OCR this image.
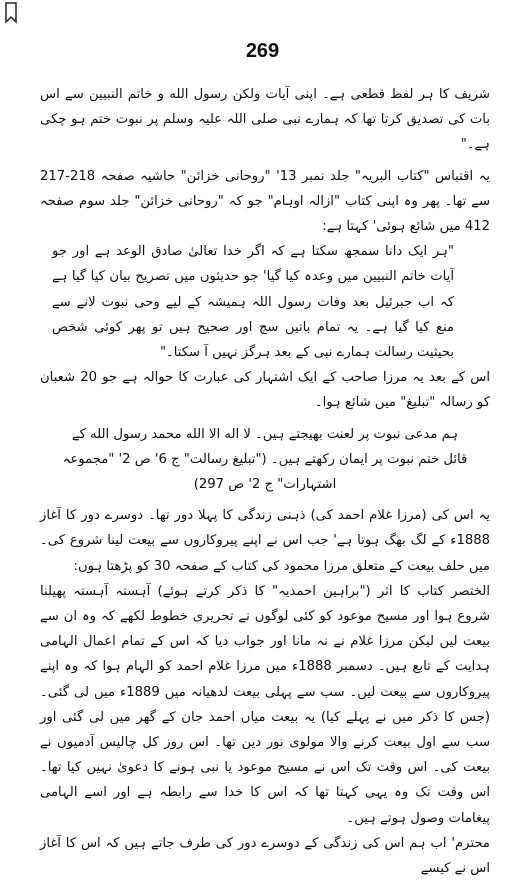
269

شریف کا ہر لفظ قطعی ہے۔ اپنی آیات ولکن رسول الله و خاتم النبیین سے اس بات کی تصدیق کرتا تھا کہ ہمارے نبی صلی اللہ علیہ وسلم پر نبوت ختم ہو چکی ہے۔"

یہ اقتباس "کتاب البریہ" جلد نمبر 13' "روحانی خزائن" حاشیہ صفحہ 218-217 سے تھا۔ پھر وہ اپنی کتاب "ازالہ اوہام" جو کہ "روحانی خزائن" جلد سوم صفحہ 412 میں شائع ہوئی' کہتا ہے:

"ہر ایک دانا سمجھ سکتا ہے کہ اگر خدا تعالیٰ صادق الوعد ہے اور جو آیات خاتم النبیین میں وعدہ کیا گیا' جو حدیثوں میں تصریح بیان کیا گیا ہے کہ اب جبرئیل بعد وفات رسول اللہ ہمیشہ کے لیے وحی نبوت لانے سے منع کیا گیا ہے۔ یہ تمام باتیں سچ اور صحیح ہیں تو پھر کوئی شخص بحیثیت رسالت ہمارے نبی کے بعد ہرگز نہیں آ سکتا۔"

اس کے بعد یہ مرزا صاحب کے ایک اشتہار کی عبارت کا حوالہ ہے جو 20 شعبان کو رسالہ "تبلیغ" میں شائع ہوا۔

ہم مدعی نبوت پر لعنت بھیجتے ہیں۔ لا اله الا الله محمد رسول الله کے قائل ختم نبوت پر ایمان رکھتے ہیں۔ ("تبلیغ رسالت" ج 6' ص 2' "مجموعہ اشتہارات" ج 2' ص 297)

یہ اس کی (مرزا غلام احمد کی) ذہنی زندگی کا پہلا دور تھا۔ دوسرے دور کا آغاز 1888ء کے لگ بھگ ہوتا ہے' جب اس نے اپنے پیروکاروں سے بیعت لینا شروع کی۔ میں حلف بیعت کے متعلق مرزا محمود کی کتاب کے صفحہ 30 کو پڑھتا ہوں:

الختصر کتاب کا اثر ("براہین احمدیہ" کا ذکر کرتے ہوئے) آہستہ آہستہ پھیلنا شروع ہوا اور مسیح موعود کو کئی لوگوں نے تحریری خطوط لکھے کہ وہ ان سے بیعت لیں لیکن مرزا غلام نے نہ مانا اور جواب دیا کہ اس کے تمام اعمال الہامی ہدایت کے تابع ہیں۔ دسمبر 1888ء میں مرزا غلام احمد کو الہام ہوا کہ وہ اپنے پیروکاروں سے بیعت لیں۔ سب سے پہلی بیعت لدھیانہ میں 1889ء میں لی گئی۔ (جس کا ذکر میں نے پہلے کیا) یہ بیعت میاں احمد جان کے گھر میں لی گئی اور سب سے اول بیعت کرنے والا مولوی نور دین تھا۔ اس روز کل چالیس آدمیوں نے بیعت کی۔ اس وقت تک اس نے مسیح موعود یا نبی ہونے کا دعویٰ نہیں کیا تھا۔ اس وقت تک وہ یہی کہتا تھا کہ اس کا خدا سے رابطہ ہے اور اسے الہامی پیغامات وصول ہوتے ہیں۔

محترم' اب ہم اس کی زندگی کے دوسرے دور کی طرف جاتے ہیں کہ اس کا آغاز اس نے کیسے
